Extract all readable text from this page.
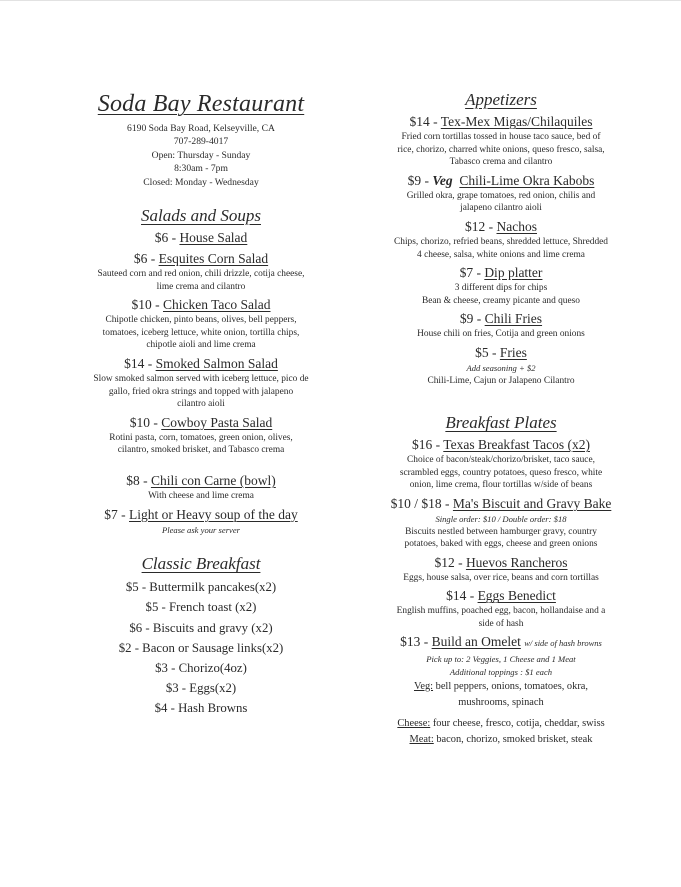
Soda Bay Restaurant
6190 Soda Bay Road, Kelseyville, CA
707-289-4017
Open: Thursday - Sunday
8:30am - 7pm
Closed: Monday - Wednesday
Salads and Soups
$6 - House Salad
$6 - Esquites Corn Salad
Sauteed corn and red onion, chili drizzle, cotija cheese,
lime crema and cilantro
$10 - Chicken Taco Salad
Chipotle chicken, pinto beans, olives, bell peppers,
tomatoes, iceberg lettuce, white onion, tortilla chips,
chipotle aioli and lime crema
$14 - Smoked Salmon Salad
Slow smoked salmon served with iceberg lettuce, pico de
gallo, fried okra strings and topped with jalapeno
cilantro aioli
$10 - Cowboy Pasta Salad
Rotini pasta, corn, tomatoes, green onion, olives,
cilantro, smoked brisket, and Tabasco crema
$8 - Chili con Carne (bowl)
With cheese and lime crema
$7 - Light or Heavy soup of the day
Please ask your server
Classic Breakfast
$5 - Buttermilk pancakes(x2)
$5 - French toast (x2)
$6 - Biscuits and gravy (x2)
$2 - Bacon or Sausage links(x2)
$3 - Chorizo(4oz)
$3 - Eggs(x2)
$4 - Hash Browns
Appetizers
$14 - Tex-Mex Migas/Chilaquiles
Fried corn tortillas tossed in house taco sauce, bed of
rice, chorizo, charred white onions, queso fresco, salsa,
Tabasco crema and cilantro
$9 - Veg Chili-Lime Okra Kabobs
Grilled okra, grape tomatoes, red onion, chilis and
jalapeno cilantro aioli
$12 - Nachos
Chips, chorizo, refried beans, shredded lettuce, Shredded
4 cheese, salsa, white onions and lime crema
$7 - Dip platter
3 different dips for chips
Bean & cheese, creamy picante and queso
$9 - Chili Fries
House chili on fries, Cotija and green onions
$5 - Fries
Add seasoning + $2
Chili-Lime, Cajun or Jalapeno Cilantro
Breakfast Plates
$16 - Texas Breakfast Tacos (x2)
Choice of bacon/steak/chorizo/brisket, taco sauce,
scrambled eggs, country potatoes, queso fresco, white
onion, lime crema, flour tortillas w/side of beans
$10 / $18 - Ma's Biscuit and Gravy Bake
Single order: $10 / Double order: $18
Biscuits nestled between hamburger gravy, country
potatoes, baked with eggs, cheese and green onions
$12 - Huevos Rancheros
Eggs, house salsa, over rice, beans and corn tortillas
$14 - Eggs Benedict
English muffins, poached egg, bacon, hollandaise and a
side of hash
$13 - Build an Omelet w/ side of hash browns
Pick up to: 2 Veggies, 1 Cheese and 1 Meat
Additional toppings : $1 each
Veg: bell peppers, onions, tomatoes, okra,
mushrooms, spinach
Cheese: four cheese, fresco, cotija, cheddar, swiss
Meat: bacon, chorizo, smoked brisket, steak
